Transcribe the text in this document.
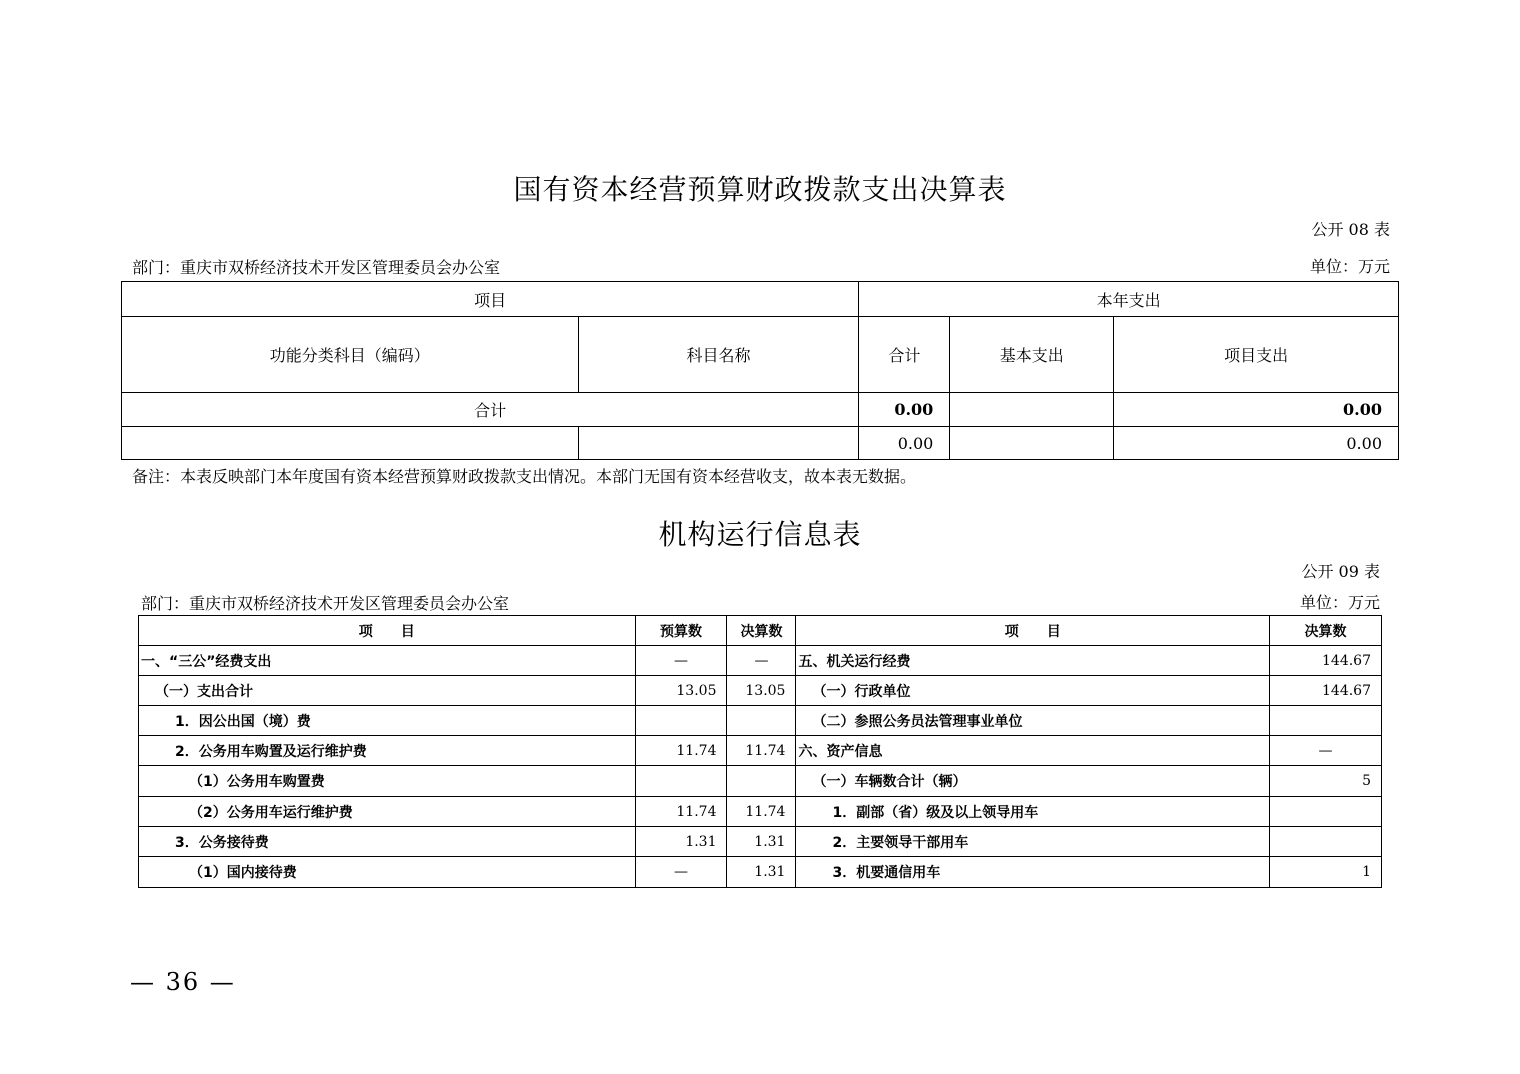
国有资本经营预算财政拨款支出决算表
公开 08 表
部门：重庆市双桥经济技术开发区管理委员会办公室	单位：万元
项目		本年支出		
功能分类科目（编码）	科目名称	合计	基本支出	项目支出
合计		0.00		0.00
		0.00		0.00
备注：本表反映部门本年度国有资本经营预算财政拨款支出情况。本部门无国有资本经营收支，故本表无数据。
机构运行信息表
公开 09 表
部门：重庆市双桥经济技术开发区管理委员会办公室	单位：万元
项　　目	预算数	决算数	项　　目	决算数
一、“三公”经费支出	—	—	五、机关运行经费	144.67
（一）支出合计	13.05	13.05	（一）行政单位	144.67
1．因公出国（境）费			（二）参照公务员法管理事业单位	
2．公务用车购置及运行维护费	11.74	11.74	六、资产信息	—
（1）公务用车购置费			（一）车辆数合计（辆）	5
（2）公务用车运行维护费	11.74	11.74	1．副部（省）级及以上领导用车	
3．公务接待费	1.31	1.31	2．主要领导干部用车	
（1）国内接待费	—	1.31	3．机要通信用车	1
— 36 —
